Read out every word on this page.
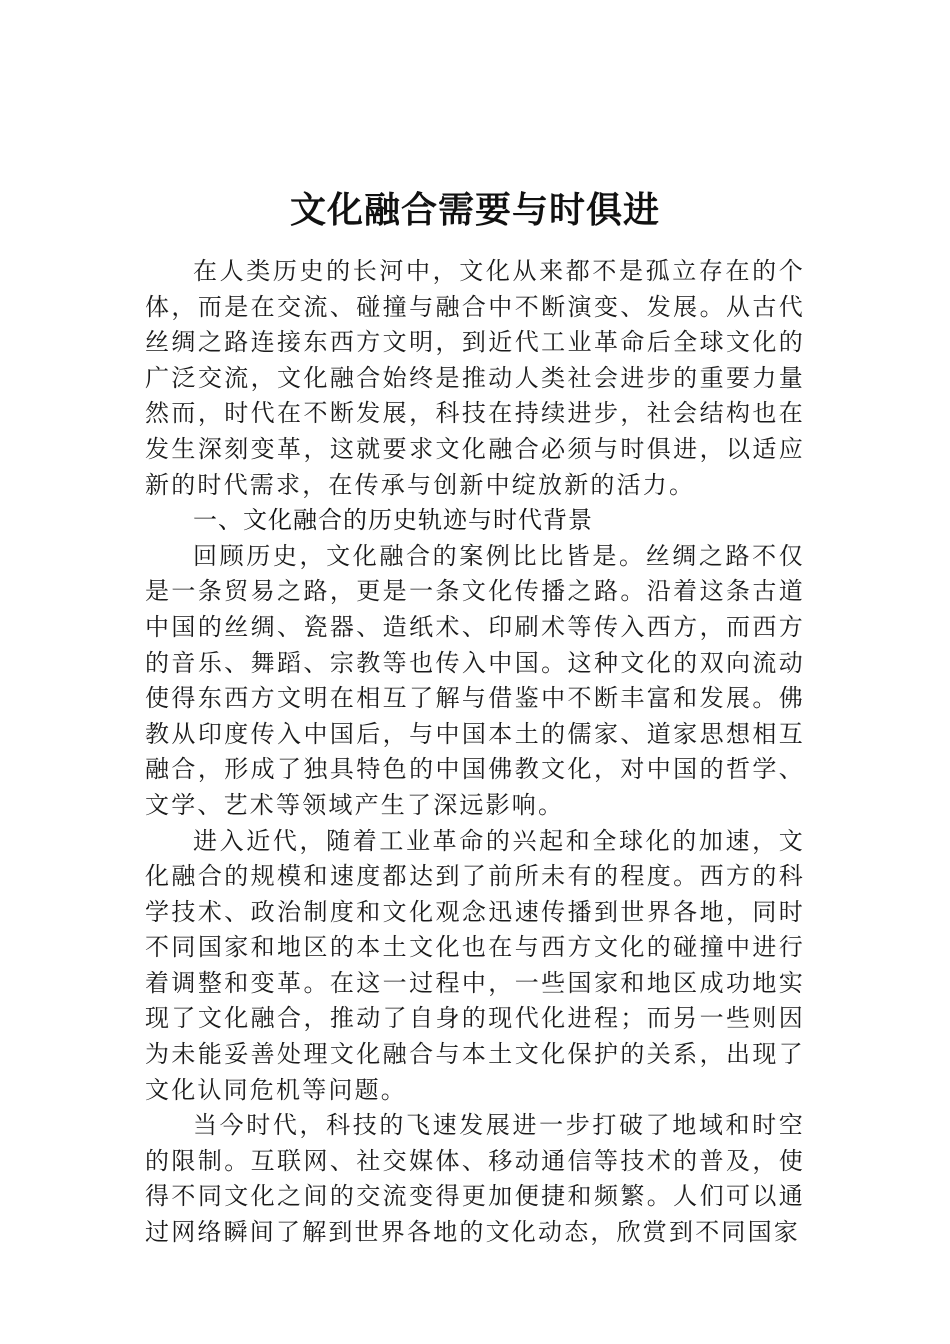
文化融合需要与时俱进

在人类历史的长河中，文化从来都不是孤立存在的个体，而是在交流、碰撞与融合中不断演变、发展。从古代丝绸之路连接东西方文明，到近代工业革命后全球文化的广泛交流，文化融合始终是推动人类社会进步的重要力量然而，时代在不断发展，科技在持续进步，社会结构也在发生深刻变革，这就要求文化融合必须与时俱进，以适应新的时代需求，在传承与创新中绽放新的活力。

一、文化融合的历史轨迹与时代背景

回顾历史，文化融合的案例比比皆是。丝绸之路不仅是一条贸易之路，更是一条文化传播之路。沿着这条古道中国的丝绸、瓷器、造纸术、印刷术等传入西方，而西方的音乐、舞蹈、宗教等也传入中国。这种文化的双向流动使得东西方文明在相互了解与借鉴中不断丰富和发展。佛教从印度传入中国后，与中国本土的儒家、道家思想相互融合，形成了独具特色的中国佛教文化，对中国的哲学、文学、艺术等领域产生了深远影响。

进入近代，随着工业革命的兴起和全球化的加速，文化融合的规模和速度都达到了前所未有的程度。西方的科学技术、政治制度和文化观念迅速传播到世界各地，同时不同国家和地区的本土文化也在与西方文化的碰撞中进行着调整和变革。在这一过程中，一些国家和地区成功地实现了文化融合，推动了自身的现代化进程；而另一些则因为未能妥善处理文化融合与本土文化保护的关系，出现了文化认同危机等问题。

当今时代，科技的飞速发展进一步打破了地域和时空的限制。互联网、社交媒体、移动通信等技术的普及，使得不同文化之间的交流变得更加便捷和频繁。人们可以通过网络瞬间了解到世界各地的文化动态，欣赏到不同国家
